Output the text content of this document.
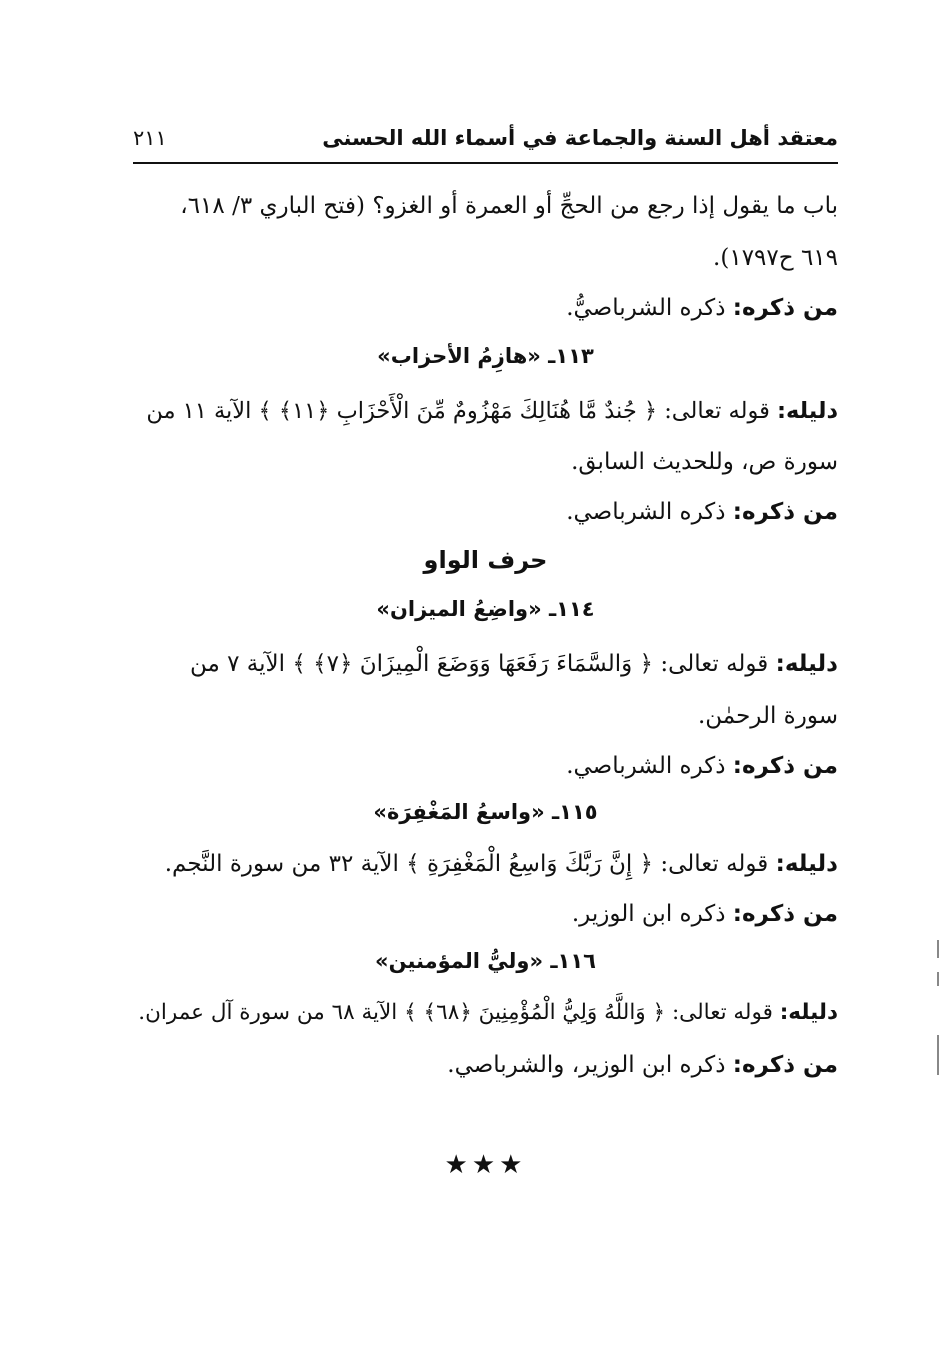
معتقد أهل السنة والجماعة في أسماء الله الحسنى
٢١١
باب ما يقول إذا رجع من الحجِّ أو العمرة أو الغزو؟ (فتح الباري ٣/ ٦١٨،
٦١٩ ح١٧٩٧).
من ذكره: ذكره الشرباصيُّ.
١١٣ـ «هازِمُ الأحزاب»
دليله: قوله تعالى: ﴿ جُندٌ مَّا هُنَالِكَ مَهْزُومٌ مِّنَ الْأَحْزَابِ ﴿١١﴾ ﴾ الآية ١١ من
سورة ص، وللحديث السابق.
من ذكره: ذكره الشرباصي.
حرف الواو
١١٤ـ «واضِعُ الميزان»
دليله: قوله تعالى: ﴿ وَالسَّمَاءَ رَفَعَهَا وَوَضَعَ الْمِيزَانَ ﴿٧﴾ ﴾ الآية ٧ من
سورة الرحمٰن.
من ذكره: ذكره الشرباصي.
١١٥ـ «واسعُ المَغْفِرَة»
دليله: قوله تعالى: ﴿ إِنَّ رَبَّكَ وَاسِعُ الْمَغْفِرَةِ ﴾ الآية ٣٢ من سورة النَّجم.
من ذكره: ذكره ابن الوزير.
١١٦ـ «وليُّ المؤمنين»
دليله: قوله تعالى: ﴿ وَاللَّهُ وَلِيُّ الْمُؤْمِنِينَ ﴿٦٨﴾ ﴾ الآية ٦٨ من سورة آل عمران.
من ذكره: ذكره ابن الوزير، والشرباصي.
★★★
